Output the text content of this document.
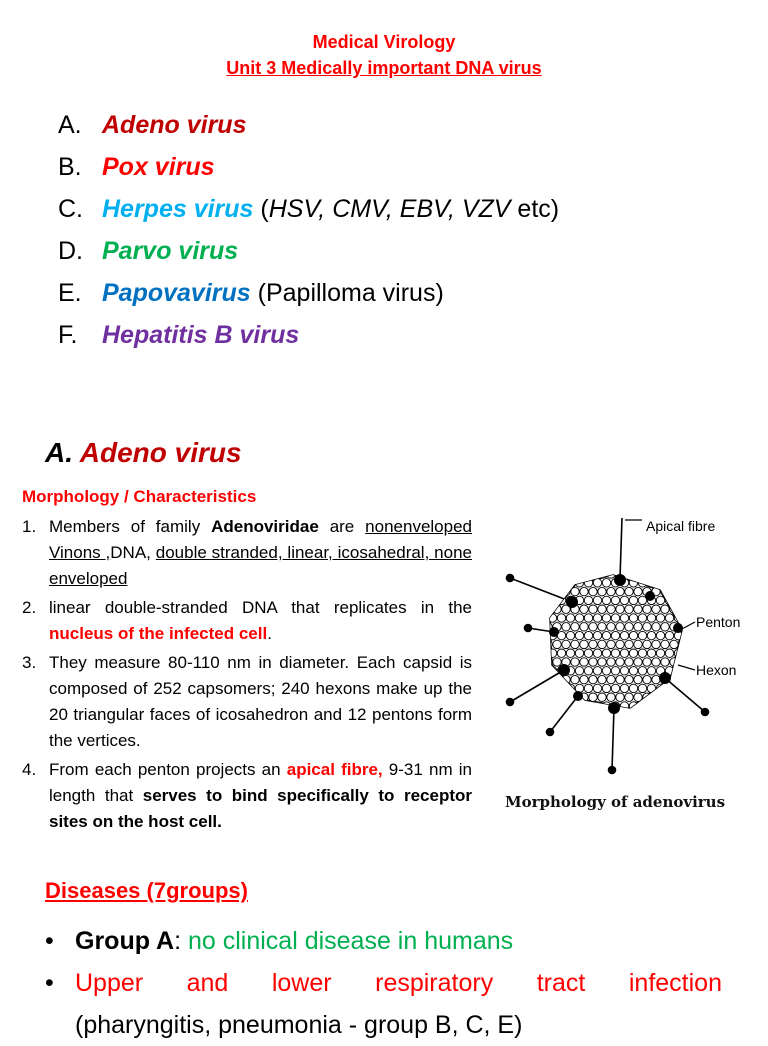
Medical Virology
Unit 3 Medically important DNA virus
A. Adeno virus
B. Pox virus
C. Herpes virus (HSV, CMV, EBV, VZV etc)
D. Parvo virus
E. Papovavirus (Papilloma virus)
F. Hepatitis B virus
A. Adeno virus
Morphology / Characteristics
1. Members of family Adenoviridae are nonenveloped Vinons ,DNA, double stranded, linear, icosahedral, none enveloped
2. linear double-stranded DNA that replicates in the nucleus of the infected cell.
3. They measure 80-110 nm in diameter. Each capsid is composed of 252 capsomers; 240 hexons make up the 20 triangular faces of icosahedron and 12 pentons form the vertices.
4. From each penton projects an apical fibre, 9-31 nm in length that serves to bind specifically to receptor sites on the host cell.
Apical fibre
Penton
Hexon
Morphology of adenovirus
Diseases (7groups)
• Group A: no clinical disease in humans
• Upper and lower respiratory tract infection
(pharyngitis, pneumonia - group B, C, E)
